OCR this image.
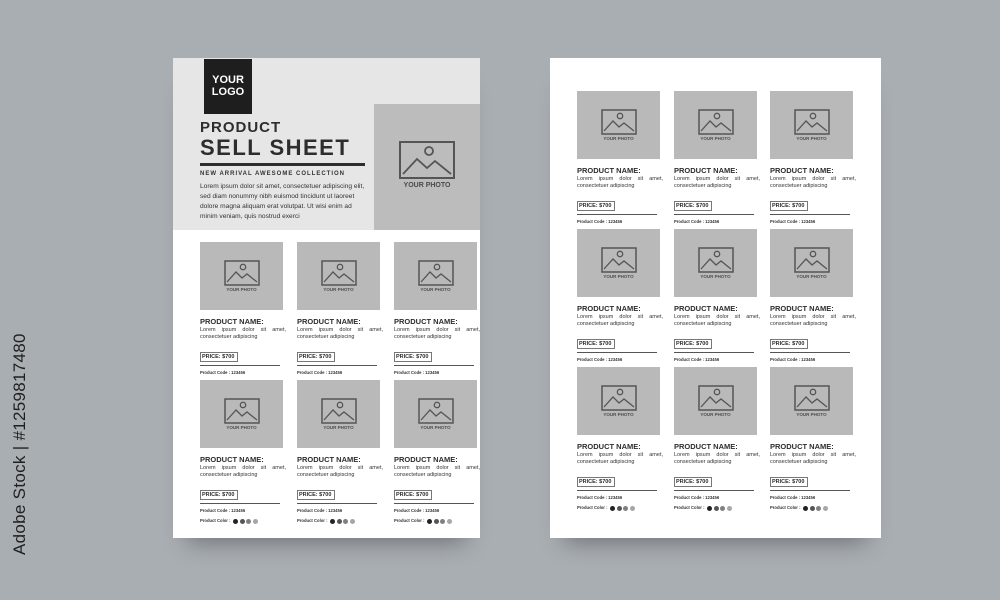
Adobe Stock | #1259817480
YOUR
LOGO
PRODUCT
SELL SHEET
NEW ARRIVAL AWESOME COLLECTION
Lorem ipsum dolor sit amet, consectetuer adipiscing elit, sed diam nonummy nibh euismod tincidunt ut laoreet dolore magna aliquam erat volutpat. Ut wisi enim ad minim veniam, quis nostrud exerci
YOUR PHOTO
YOUR PHOTO
PRODUCT NAME:
Lorem ipsum dolor sit amet, consectetuer adipiscing
PRICE: $700
Product Code : 123456
YOUR PHOTO
PRODUCT NAME:
Lorem ipsum dolor sit amet, consectetuer adipiscing
PRICE: $700
Product Code : 123456
YOUR PHOTO
PRODUCT NAME:
Lorem ipsum dolor sit amet, consectetuer adipiscing
PRICE: $700
Product Code : 123456
YOUR PHOTO
PRODUCT NAME:
Lorem ipsum dolor sit amet, consectetuer adipiscing
PRICE: $700
Product Code : 123456
Product Color :
YOUR PHOTO
PRODUCT NAME:
Lorem ipsum dolor sit amet, consectetuer adipiscing
PRICE: $700
Product Code : 123456
Product Color :
YOUR PHOTO
PRODUCT NAME:
Lorem ipsum dolor sit amet, consectetuer adipiscing
PRICE: $700
Product Code : 123456
Product Color :
YOUR PHOTO
PRODUCT NAME:
Lorem ipsum dolor sit amet, consectetuer adipiscing
PRICE: $700
Product Code : 123456
YOUR PHOTO
PRODUCT NAME:
Lorem ipsum dolor sit amet, consectetuer adipiscing
PRICE: $700
Product Code : 123456
YOUR PHOTO
PRODUCT NAME:
Lorem ipsum dolor sit amet, consectetuer adipiscing
PRICE: $700
Product Code : 123456
YOUR PHOTO
PRODUCT NAME:
Lorem ipsum dolor sit amet, consectetuer adipiscing
PRICE: $700
Product Code : 123456
YOUR PHOTO
PRODUCT NAME:
Lorem ipsum dolor sit amet, consectetuer adipiscing
PRICE: $700
Product Code : 123456
YOUR PHOTO
PRODUCT NAME:
Lorem ipsum dolor sit amet, consectetuer adipiscing
PRICE: $700
Product Code : 123456
YOUR PHOTO
PRODUCT NAME:
Lorem ipsum dolor sit amet, consectetuer adipiscing
PRICE: $700
Product Code : 123456
Product Color :
YOUR PHOTO
PRODUCT NAME:
Lorem ipsum dolor sit amet, consectetuer adipiscing
PRICE: $700
Product Code : 123456
Product Color :
YOUR PHOTO
PRODUCT NAME:
Lorem ipsum dolor sit amet, consectetuer adipiscing
PRICE: $700
Product Code : 123456
Product Color :
